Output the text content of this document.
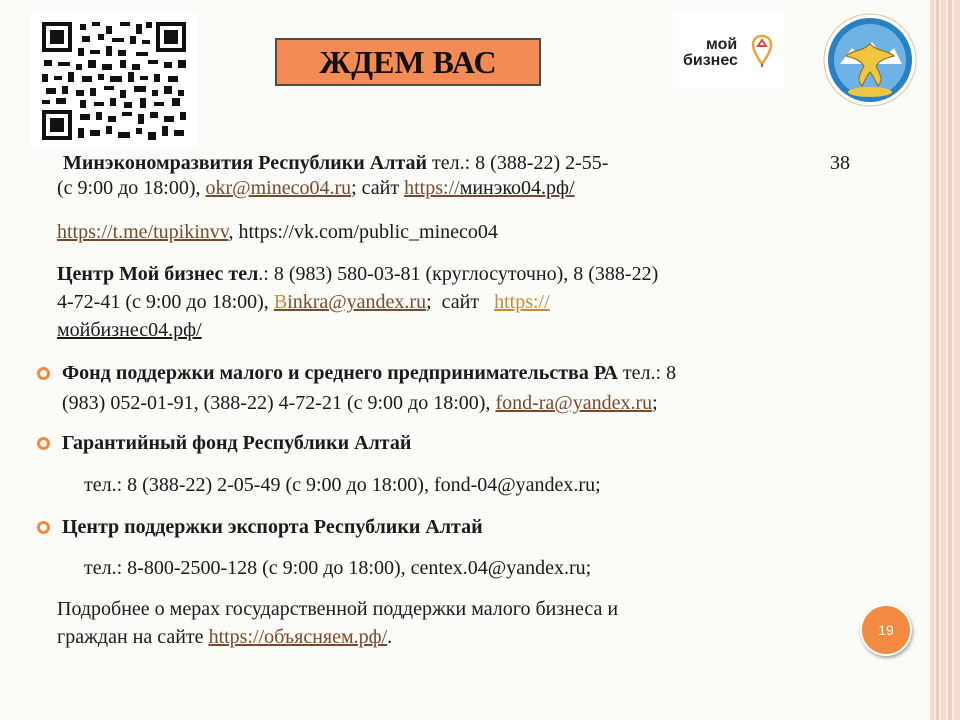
ЖДЕМ ВАС	мой
бизнес
Минэкономразвития Республики Алтай тел.: 8 (388-22) 2-55-	38
(с 9:00 до 18:00), okr@mineco04.ru; сайт https://минэко04.рф/
https://t.me/tupikinvv, https://vk.com/public_mineco04
Центр Мой бизнес тел.: 8 (983) 580-03-81 (круглосуточно), 8 (388-22)
4-72-41 (с 9:00 до 18:00), Binkra@yandex.ru;  сайт   https://
мойбизнес04.рф/
Фонд поддержки малого и среднего предпринимательства РА тел.: 8
(983) 052-01-91, (388-22) 4-72-21 (с 9:00 до 18:00), fond-ra@yandex.ru;
Гарантийный фонд Республики Алтай
тел.: 8 (388-22) 2-05-49 (с 9:00 до 18:00), fond-04@yandex.ru;
Центр поддержки экспорта Республики Алтай
тел.: 8-800-2500-128 (с 9:00 до 18:00), centex.04@yandex.ru;
Подробнее о мерах государственной поддержки малого бизнеса и
граждан на сайте https://объясняем.рф/.	19
